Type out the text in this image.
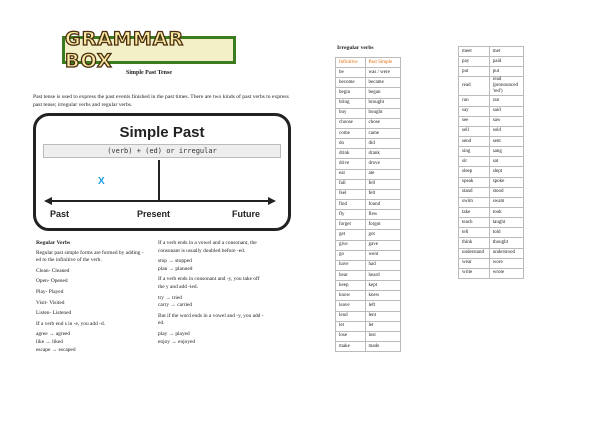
GRAMMAR BOX
Simple Past Tense
Past tense is used to express the past events finished in the past times. There are two kinds of past verbs to express past tense; irregular verbs and regular verbs.
Simple Past
(verb) + (ed) or irregular
X
Past	Present	Future
Regular Verbs

Regular past simple forms are formed by adding -ed to the infinitive of the verb.

Clean- Cleaned

Open- Opened

Play- Played

Visit- Visited

Listen- Listened

If a verb end s in -e, you add -d.

agree → agreed
like → liked
escape → escaped

If a verb ends in a vowel and a consonant, the consonant is usually doubled before -ed.

stop → stopped

plan → planned

If a verb ends in consonant and -y, you take off the y and add -ied.

try → tried

carry → carried

But if the word ends in a vowel and -y, you add -ed.

play → played
enjoy → enjoyed
Irregular verbs
Infinitive	Past Simple
be	was / were
become	became
begin	began
bring	brought
buy	bought
choose	chose
come	came
do	did
drink	drank
drive	drove
eat	ate
fall	fell
feel	felt
find	found
fly	flew
forget	forgot
get	got
give	gave
go	went
have	had
hear	heard
keep	kept
know	knew
leave	left
lend	lent
let	let
lose	lost
make	made
meet	met
pay	paid
put	put
read	read
(pronounced
'red')
run	ran
say	said
see	saw
sell	sold
send	sent
sing	sang
sit	sat
sleep	slept
speak	spoke
stand	stood
swim	swam
take	took
teach	taught
tell	told
think	thought
understand	understood
wear	wore
write	wrote
